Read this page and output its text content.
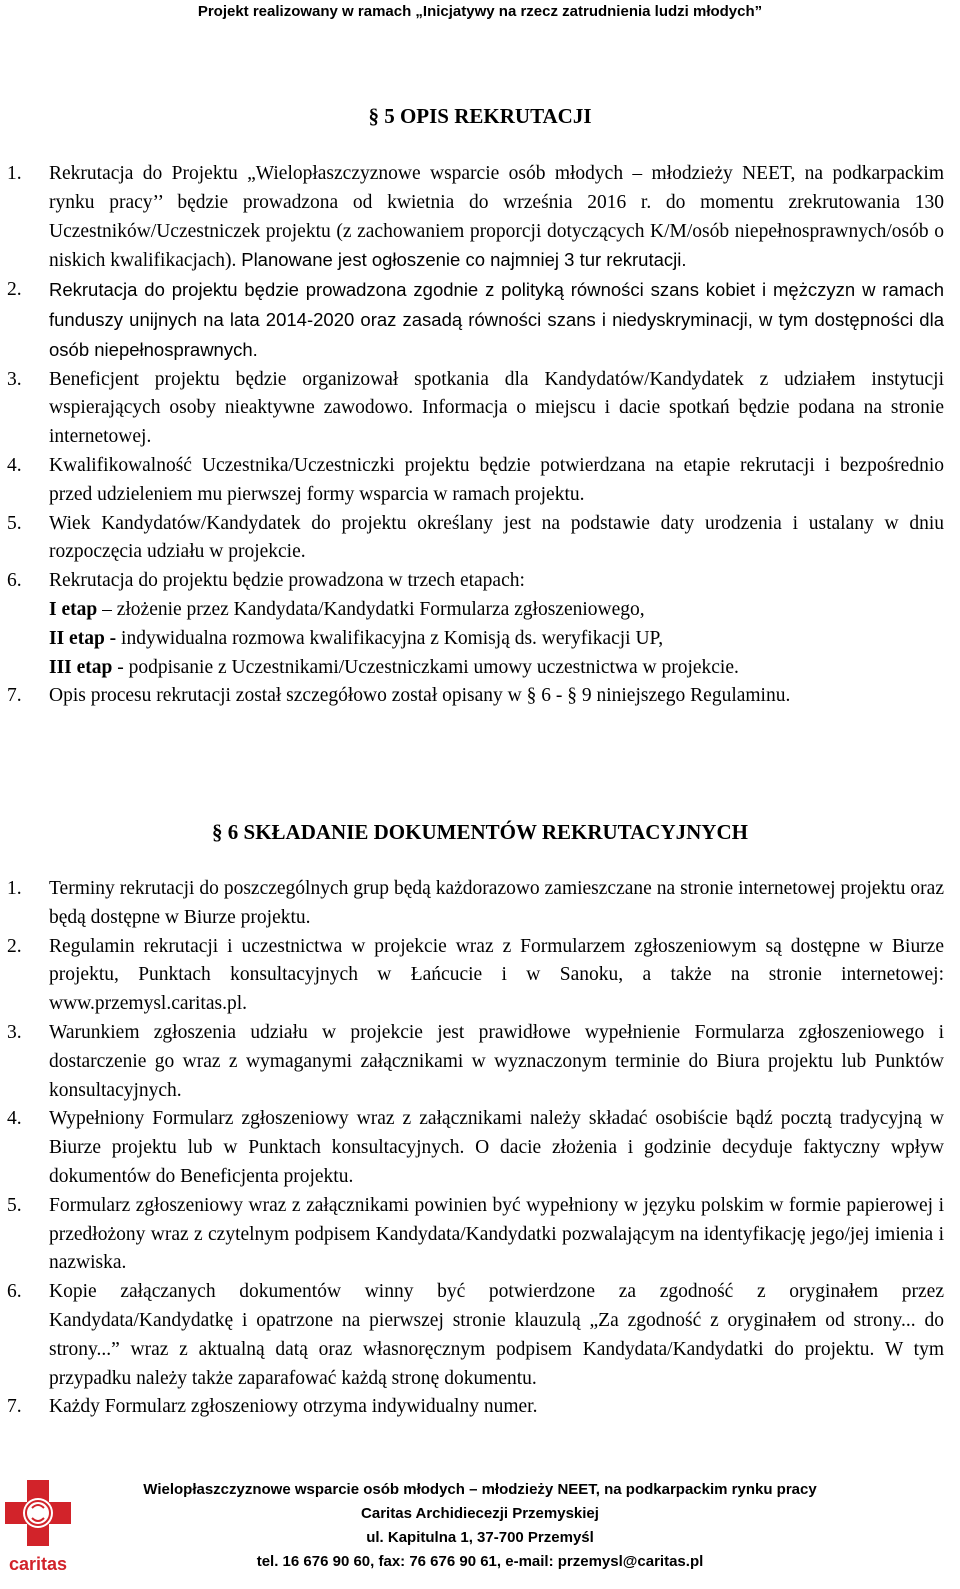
Projekt realizowany w ramach „Inicjatywy na rzecz zatrudnienia ludzi młodych”
§ 5 OPIS REKRUTACJI
1. Rekrutacja do Projektu „Wielopłaszczyznowe wsparcie osób młodych – młodzieży NEET, na podkarpackim rynku pracy’’ będzie prowadzona od kwietnia do września 2016 r. do momentu zrekrutowania 130 Uczestników/Uczestniczek projektu (z zachowaniem proporcji dotyczących K/M/osób niepełnosprawnych/osób o niskich kwalifikacjach). Planowane jest ogłoszenie co najmniej 3 tur rekrutacji.
2. Rekrutacja do projektu będzie prowadzona zgodnie z polityką równości szans kobiet i mężczyzn w ramach funduszy unijnych na lata 2014-2020 oraz zasadą równości szans i niedyskryminacji, w tym dostępności dla osób niepełnosprawnych.
3. Beneficjent projektu będzie organizował spotkania dla Kandydatów/Kandydatek z udziałem instytucji wspierających osoby nieaktywne zawodowo. Informacja o miejscu i dacie spotkań będzie podana na stronie internetowej.
4. Kwalifikowalność Uczestnika/Uczestniczki projektu będzie potwierdzana na etapie rekrutacji i bezpośrednio przed udzieleniem mu pierwszej formy wsparcia w ramach projektu.
5. Wiek Kandydatów/Kandydatek do projektu określany jest na podstawie daty urodzenia i ustalany w dniu rozpoczęcia udziału w projekcie.
6. Rekrutacja do projektu będzie prowadzona w trzech etapach:
I etap – złożenie przez Kandydata/Kandydatki Formularza zgłoszeniowego,
II etap - indywidualna rozmowa kwalifikacyjna z Komisją ds. weryfikacji UP,
III etap - podpisanie z Uczestnikami/Uczestniczkami umowy uczestnictwa w projekcie.
7. Opis procesu rekrutacji został szczegółowo został opisany w § 6 - § 9 niniejszego Regulaminu.
§ 6 SKŁADANIE DOKUMENTÓW REKRUTACYJNYCH
1. Terminy rekrutacji do poszczególnych grup będą każdorazowo zamieszczane na stronie internetowej projektu oraz będą dostępne w Biurze projektu.
2. Regulamin rekrutacji i uczestnictwa w projekcie wraz z Formularzem zgłoszeniowym są dostępne w Biurze projektu, Punktach konsultacyjnych w Łańcucie i w Sanoku, a także na stronie internetowej: www.przemysl.caritas.pl.
3. Warunkiem zgłoszenia udziału w projekcie jest prawidłowe wypełnienie Formularza zgłoszeniowego i dostarczenie go wraz z wymaganymi załącznikami w wyznaczonym terminie do Biura projektu lub Punktów konsultacyjnych.
4. Wypełniony Formularz zgłoszeniowy wraz z załącznikami należy składać osobiście bądź pocztą tradycyjną w Biurze projektu lub w Punktach konsultacyjnych. O dacie złożenia i godzinie decyduje faktyczny wpływ dokumentów do Beneficjenta projektu.
5. Formularz zgłoszeniowy wraz z załącznikami powinien być wypełniony w języku polskim w formie papierowej i przedłożony wraz z czytelnym podpisem Kandydata/Kandydatki pozwalającym na identyfikację jego/jej imienia i nazwiska.
6. Kopie załączanych dokumentów winny być potwierdzone za zgodność z oryginałem przez Kandydata/Kandydatkę i opatrzone na pierwszej stronie klauzulą „Za zgodność z oryginałem od strony... do strony...” wraz z aktualną datą oraz własnoręcznym podpisem Kandydata/Kandydatki do projektu. W tym przypadku należy także zaparafować każdą stronę dokumentu.
7. Każdy Formularz zgłoszeniowy otrzyma indywidualny numer.
caritas
Wielopłaszczyznowe wsparcie osób młodych – młodzieży NEET, na podkarpackim rynku pracy
Caritas Archidiecezji Przemyskiej
ul. Kapitulna 1, 37-700 Przemyśl
tel. 16 676 90 60, fax: 76 676 90 61, e-mail: przemysl@caritas.pl
